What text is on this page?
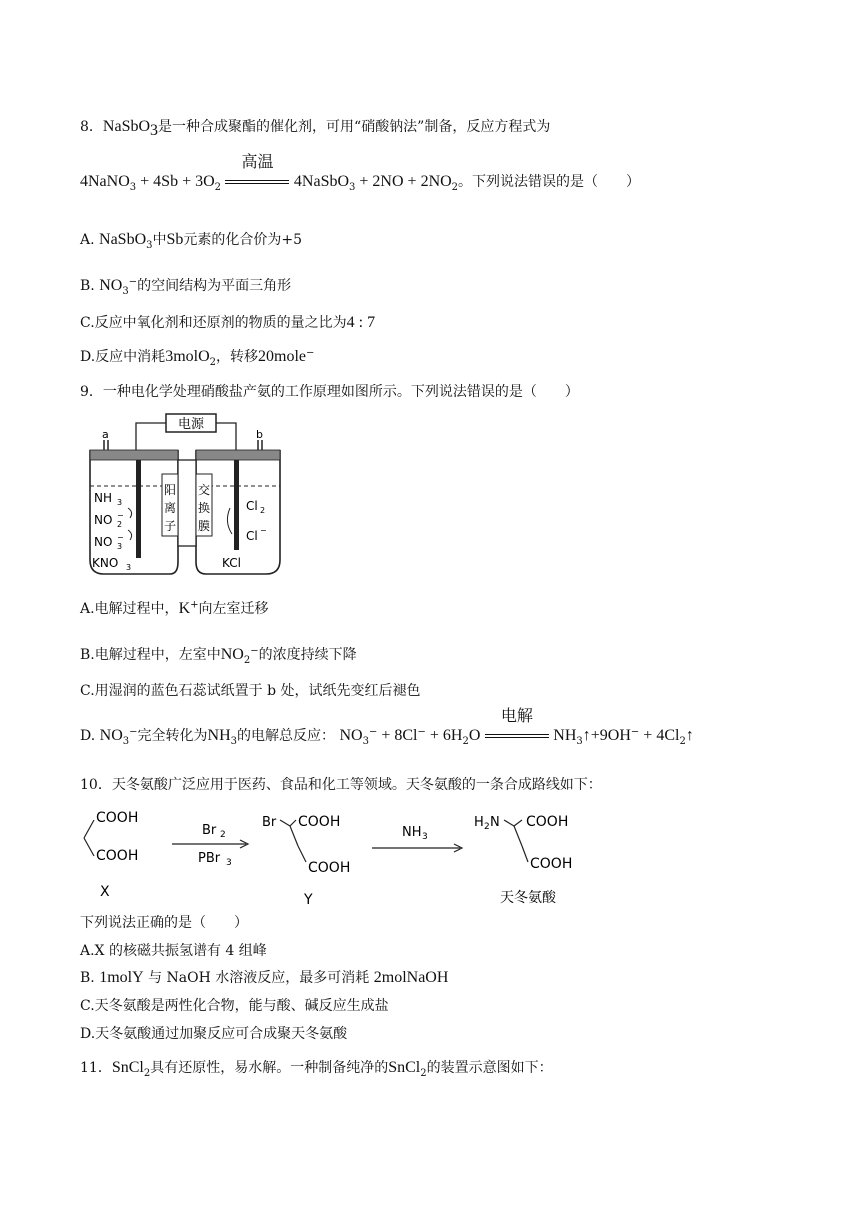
8．NaSbO$_3$是一种合成聚酯的催化剂，可用“硝酸钠法”制备，反应方程式为
4NaNO$_3$ + $4Sb + 3O_2$
高温
4NaSbO$_3$ + $2NO + 2NO_2$。下列说法错误的是（　　）
A. NaSbO$_3$中Sb元素的化合价为+5
B. $NO_3^-$的空间结构为平面三角形
C.反应中氧化剂和还原剂的物质的量之比为4 : 7
D.反应中消耗3molO$_2$，转移20mole−
9．一种电化学处理硝酸盐产氨的工作原理如图所示。下列说法错误的是（　　）
电源
a	b
阳
离
子
交
换
膜
NH 3
NO 2
−
NO 3
−
KNO 3
Cl 2
Cl −
KCl
A.电解过程中，K+向左室迁移
B.电解过程中，左室中$NO_2^-$的浓度持续下降
C.用湿润的蓝色石蕊试纸置于 b 处，试纸先变红后褪色
D. $NO_3^-$完全转化为$NH_3$的电解总反应： $NO_3^- + 8Cl^- + 6H_2O$
电解
$NH_3↑+9OH^-$ + $4Cl_2↑$
10．天冬氨酸广泛应用于医药、食品和化工等领域。天冬氨酸的一条合成路线如下：
COOH
COOH
X
Br 2
PBr 3
Br COOH
COOH
Y
NH 3
H 2 N COOH
COOH
天冬氨酸
下列说法正确的是（　　）
A.X 的核磁共振氢谱有 4 组峰
B. 1molY 与 NaOH 水溶液反应，最多可消耗 2molNaOH
C.天冬氨酸是两性化合物，能与酸、碱反应生成盐
D.天冬氨酸通过加聚反应可合成聚天冬氨酸
11．SnCl$_2$具有还原性，易水解。一种制备纯净的SnCl$_2$的装置示意图如下：
